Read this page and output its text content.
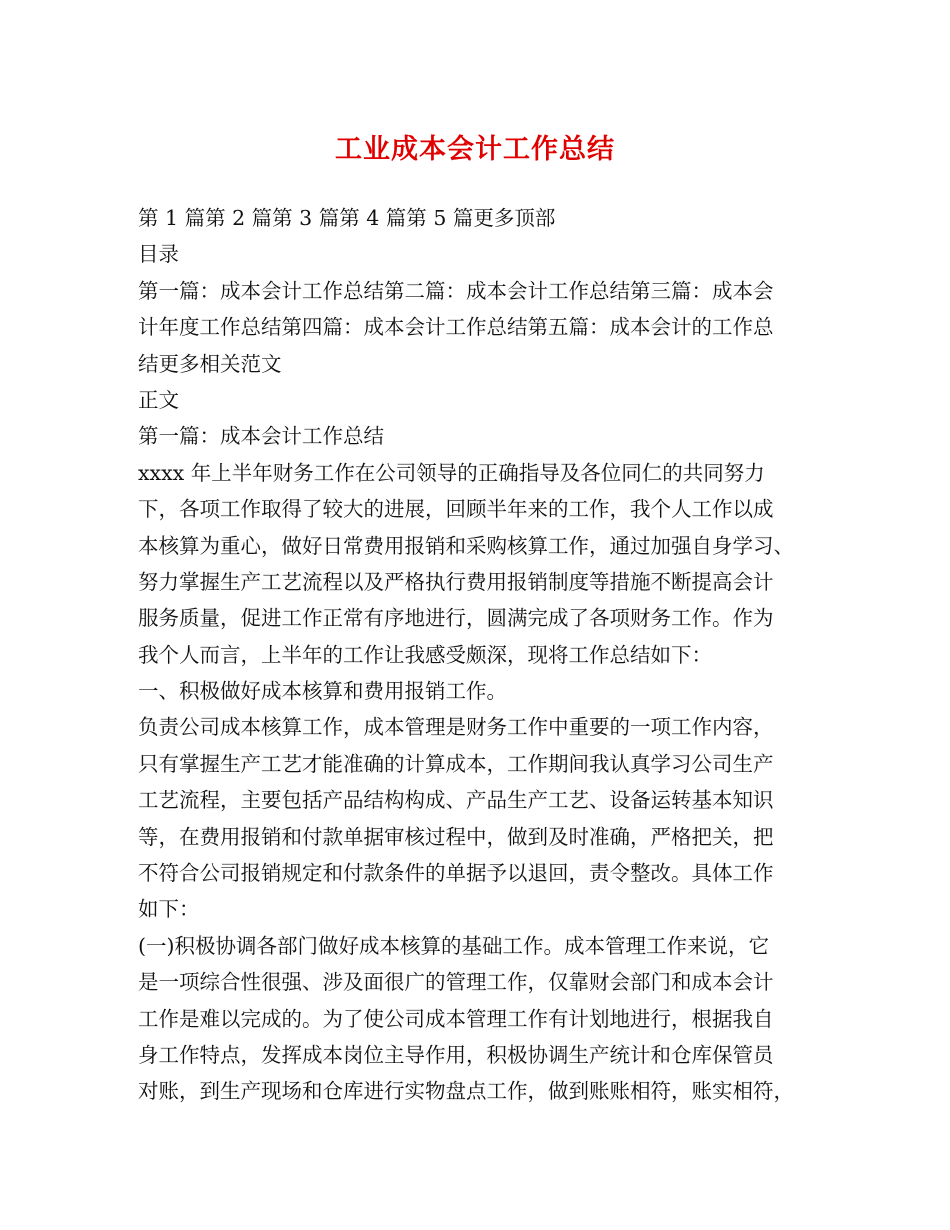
工业成本会计工作总结
第 1 篇第 2 篇第 3 篇第 4 篇第 5 篇更多顶部
目录
第一篇：成本会计工作总结第二篇：成本会计工作总结第三篇：成本会
计年度工作总结第四篇：成本会计工作总结第五篇：成本会计的工作总
结更多相关范文
正文
第一篇：成本会计工作总结
xxxx 年上半年财务工作在公司领导的正确指导及各位同仁的共同努力
下，各项工作取得了较大的进展，回顾半年来的工作，我个人工作以成
本核算为重心，做好日常费用报销和采购核算工作，通过加强自身学习、
努力掌握生产工艺流程以及严格执行费用报销制度等措施不断提高会计
服务质量，促进工作正常有序地进行，圆满完成了各项财务工作。作为
我个人而言，上半年的工作让我感受颇深，现将工作总结如下：
一、积极做好成本核算和费用报销工作。
负责公司成本核算工作，成本管理是财务工作中重要的一项工作内容，
只有掌握生产工艺才能准确的计算成本，工作期间我认真学习公司生产
工艺流程，主要包括产品结构构成、产品生产工艺、设备运转基本知识
等，在费用报销和付款单据审核过程中，做到及时准确，严格把关，把
不符合公司报销规定和付款条件的单据予以退回，责令整改。具体工作
如下：
(一)积极协调各部门做好成本核算的基础工作。成本管理工作来说，它
是一项综合性很强、涉及面很广的管理工作，仅靠财会部门和成本会计
工作是难以完成的。为了使公司成本管理工作有计划地进行，根据我自
身工作特点，发挥成本岗位主导作用，积极协调生产统计和仓库保管员
对账，到生产现场和仓库进行实物盘点工作，做到账账相符，账实相符，
